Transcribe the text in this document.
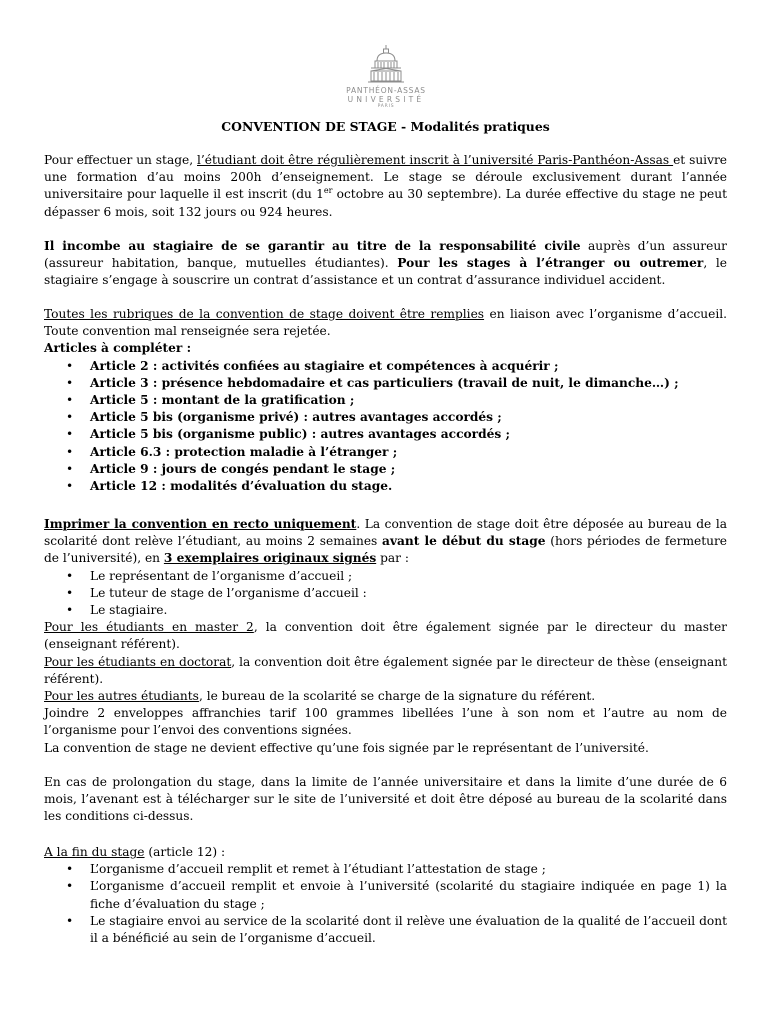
PANTHÉON-ASSAS
UNIVERSITÉ
PARIS
CONVENTION DE STAGE - Modalités pratiques

Pour effectuer un stage, l’étudiant doit être régulièrement inscrit à l’université Paris-Panthéon-Assas et suivre une formation d’au moins 200h d’enseignement. Le stage se déroule exclusivement durant l’année universitaire pour laquelle il est inscrit (du 1er octobre au 30 septembre). La durée effective du stage ne peut dépasser 6 mois, soit 132 jours ou 924 heures.

Il incombe au stagiaire de se garantir au titre de la responsabilité civile auprès d’un assureur (assureur habitation, banque, mutuelles étudiantes). Pour les stages à l’étranger ou outremer, le stagiaire s’engage à souscrire un contrat d’assistance et un contrat d’assurance individuel accident.

Toutes les rubriques de la convention de stage doivent être remplies en liaison avec l’organisme d’accueil. Toute convention mal renseignée sera rejetée.

Articles à compléter :
• Article 2 : activités confiées au stagiaire et compétences à acquérir ;
• Article 3 : présence hebdomadaire et cas particuliers (travail de nuit, le dimanche…) ;
• Article 5 : montant de la gratification ;
• Article 5 bis (organisme privé) : autres avantages accordés ;
• Article 5 bis (organisme public) : autres avantages accordés ;
• Article 6.3 : protection maladie à l’étranger ;
• Article 9 : jours de congés pendant le stage ;
• Article 12 : modalités d’évaluation du stage.

Imprimer la convention en recto uniquement. La convention de stage doit être déposée au bureau de la scolarité dont relève l’étudiant, au moins 2 semaines avant le début du stage (hors périodes de fermeture de l’université), en 3 exemplaires originaux signés par :

• Le représentant de l’organisme d’accueil ;
• Le tuteur de stage de l’organisme d’accueil :
• Le stagiaire.

Pour les étudiants en master 2, la convention doit être également signée par le directeur du master (enseignant référent).

Pour les étudiants en doctorat, la convention doit être également signée par le directeur de thèse (enseignant référent).

Pour les autres étudiants, le bureau de la scolarité se charge de la signature du référent.

Joindre 2 enveloppes affranchies tarif 100 grammes libellées l’une à son nom et l’autre au nom de l’organisme pour l’envoi des conventions signées.

La convention de stage ne devient effective qu’une fois signée par le représentant de l’université.

En cas de prolongation du stage, dans la limite de l’année universitaire et dans la limite d’une durée de 6 mois, l’avenant est à télécharger sur le site de l’université et doit être déposé au bureau de la scolarité dans les conditions ci-dessus.

A la fin du stage (article 12) :

• L’organisme d’accueil remplit et remet à l’étudiant l’attestation de stage ;
• L’organisme d’accueil remplit et envoie à l’université (scolarité du stagiaire indiquée en page 1) la fiche d’évaluation du stage ;
• Le stagiaire envoi au service de la scolarité dont il relève une évaluation de la qualité de l’accueil dont il a bénéficié au sein de l’organisme d’accueil.
